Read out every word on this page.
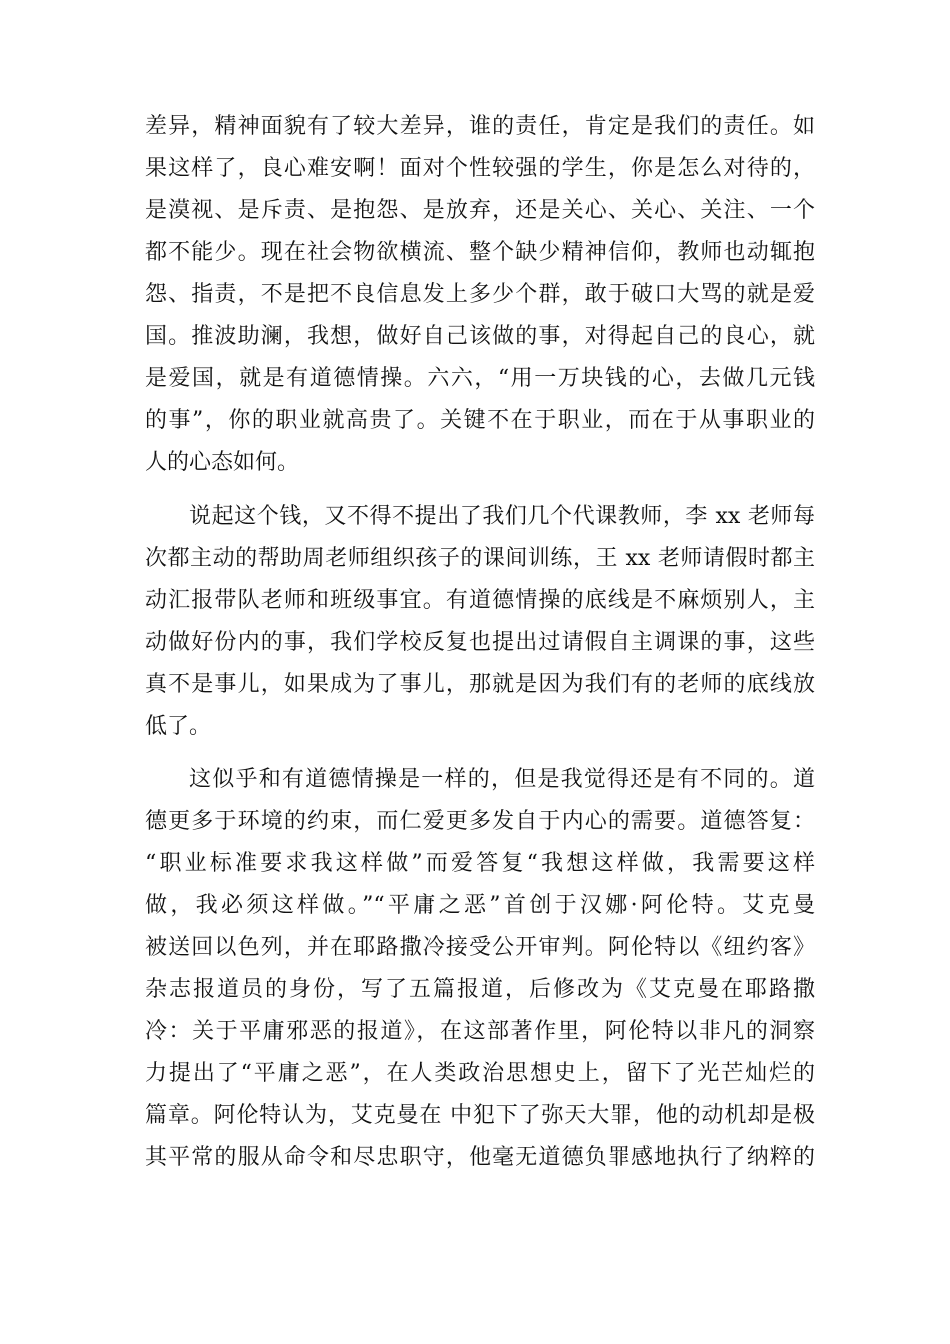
差异，精神面貌有了较大差异，谁的责任，肯定是我们的责任。如
果这样了，良心难安啊！面对个性较强的学生，你是怎么对待的，
是漠视、是斥责、是抱怨、是放弃，还是关心、关心、关注、一个
都不能少。现在社会物欲横流、整个缺少精神信仰，教师也动辄抱
怨、指责，不是把不良信息发上多少个群，敢于破口大骂的就是爱
国。推波助澜，我想，做好自己该做的事，对得起自己的良心，就
是爱国，就是有道德情操。六六，“用一万块钱的心，去做几元钱
的事”，你的职业就高贵了。关键不在于职业，而在于从事职业的
人的心态如何。
说起这个钱，又不得不提出了我们几个代课教师，李 xx 老师每
次都主动的帮助周老师组织孩子的课间训练，王 xx 老师请假时都主
动汇报带队老师和班级事宜。有道德情操的底线是不麻烦别人，主
动做好份内的事，我们学校反复也提出过请假自主调课的事，这些
真不是事儿，如果成为了事儿，那就是因为我们有的老师的底线放
低了。
这似乎和有道德情操是一样的，但是我觉得还是有不同的。道
德更多于环境的约束，而仁爱更多发自于内心的需要。道德答复：
“职业标准要求我这样做”而爱答复“我想这样做，我需要这样
做，我必须这样做。”“平庸之恶”首创于汉娜·阿伦特。艾克曼
被送回以色列，并在耶路撒冷接受公开审判。阿伦特以《纽约客》
杂志报道员的身份，写了五篇报道，后修改为《艾克曼在耶路撒
冷：关于平庸邪恶的报道》，在这部著作里，阿伦特以非凡的洞察
力提出了“平庸之恶”，在人类政治思想史上，留下了光芒灿烂的
篇章。阿伦特认为，艾克曼在 中犯下了弥天大罪，他的动机却是极
其平常的服从命令和尽忠职守，他毫无道德负罪感地执行了纳粹的
